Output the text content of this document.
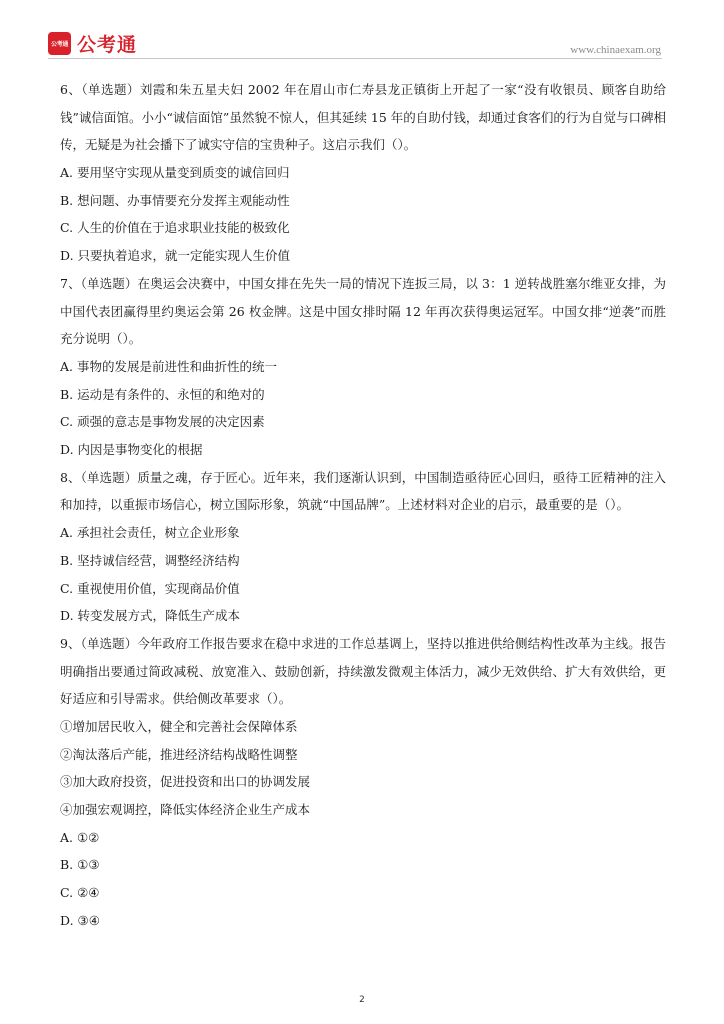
公考通 公考通	www.chinaexam.org

6、（单选题）刘霞和朱五星夫妇 2002 年在眉山市仁寿县龙正镇街上开起了一家“没有收银员、顾客自助给钱”诚信面馆。小小“诚信面馆”虽然貌不惊人，但其延续 15 年的自助付钱，却通过食客们的行为自觉与口碑相传，无疑是为社会播下了诚实守信的宝贵种子。这启示我们（）。

A. 要用坚守实现从量变到质变的诚信回归

B. 想问题、办事情要充分发挥主观能动性

C. 人生的价值在于追求职业技能的极致化

D. 只要执着追求，就一定能实现人生价值

7、（单选题）在奥运会决赛中，中国女排在先失一局的情况下连扳三局，以 3：1 逆转战胜塞尔维亚女排，为中国代表团赢得里约奥运会第 26 枚金牌。这是中国女排时隔 12 年再次获得奥运冠军。中国女排“逆袭”而胜充分说明（）。

A. 事物的发展是前进性和曲折性的统一

B. 运动是有条件的、永恒的和绝对的

C. 顽强的意志是事物发展的决定因素

D. 内因是事物变化的根据

8、（单选题）质量之魂，存于匠心。近年来，我们逐渐认识到，中国制造亟待匠心回归，亟待工匠精神的注入和加持，以重振市场信心，树立国际形象，筑就“中国品牌”。上述材料对企业的启示，最重要的是（）。

A. 承担社会责任，树立企业形象

B. 坚持诚信经营，调整经济结构

C. 重视使用价值，实现商品价值

D. 转变发展方式，降低生产成本

9、（单选题）今年政府工作报告要求在稳中求进的工作总基调上，坚持以推进供给侧结构性改革为主线。报告明确指出要通过简政减税、放宽准入、鼓励创新，持续激发微观主体活力，减少无效供给、扩大有效供给，更好适应和引导需求。供给侧改革要求（）。

①增加居民收入，健全和完善社会保障体系

②淘汰落后产能，推进经济结构战略性调整

③加大政府投资，促进投资和出口的协调发展

④加强宏观调控，降低实体经济企业生产成本

A. ①②

B. ①③

C. ②④

D. ③④

2
